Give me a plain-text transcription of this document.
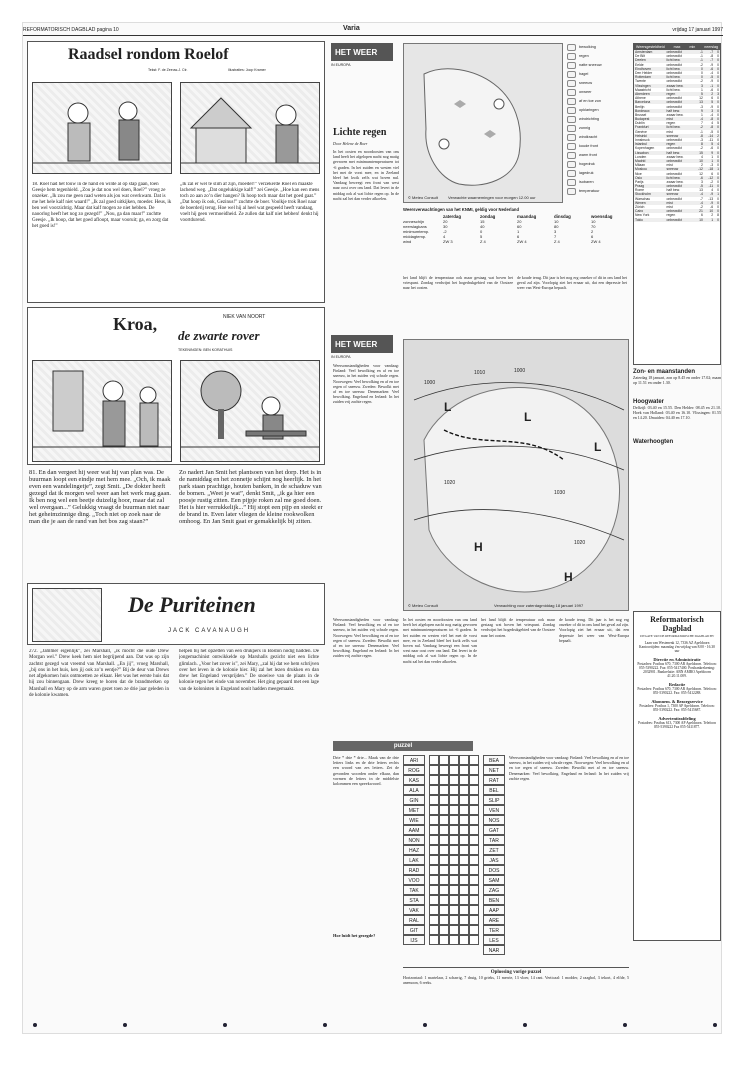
REFORMATORISCH DAGBLAD pagina 10	Varia	vrijdag 17 januari 1997
Raadsel rondom Roelof
Tekst: F. de Zeeuw-J. Ctr.	Illustraties: Joop Kramer
18. Roel had het touw in de hand en wilde al op stap gaan, toen Geesje hem tegenhield. „Zou je dat nou wel doen, Roel?” vroeg ze onzeker. „Ik zou me geen raad weten als jou wat overkwam. Dat is me het hele kalf niet waard!” „Ik zal goed uitkijken, moeder. Heus, ik ben wel voorzichtig. Maar dat kalf mogen ze niet hebben. De naoorlog heeft het nog zo gezegd!” „Nou, ga dan maar!” zuchtte Geesje. „Ik hoop, dat het goed afloopt, maar vooruit; ga, en zorg dat het goed is!”
„Ik zal er wel te slim af zijn, moeder!” verzekerde Roel en maakte lachend weg. „Dat ongelukkige kalf!” zei Geesje. „Hoe kan een mens toch zo aan zo’n dier hangen? Ik hoop toch maar dat het goed gaat.” „Dat hoop ik ook, Gezinus!” zuchtte de boer. Voolkje trok Roel naar de boerderij terug. Hoe wel hij al heel wat gespeeld heeft vandaag, voelt hij geen vermoeidheid. Ze zullen dat kalf niet hebben! denkt hij voortdurend.
Kroa,
de zwarte rover
NIEK VAN NOORT
TEKENINGEN: BEN KORATHUIS
81. En dan vergeet hij weer wat hij van plan was. De buurman loopt een eindje met hem mee. „Och, ik maak even een wandelingetje”, zegt Smit. „De dokter heeft gezegd dat ik morgen wel weer aan het werk mag gaan. Ik ben nog wel een beetje duizelig hoor, maar dat zal wel overgaan...” Gelukkig vraagt de buurman niet naar het geheimzinnige ding. „Toch niet op zoek naar de man die je aan de rand van het bos zag staan?”
Zo nadert Jan Smit het plantsoen van het dorp. Het is in de namiddag en het zonnetje schijnt nog heerlijk. In het park staan prachtige, houten banken, in de schaduw van de bomen. „Weet je wat”, denkt Smit, „ik ga hier een poosje rustig zitten. Een pijpje roken zal me goed doen. Het is hier verrukkelijk...” Hij stopt een pijp en steekt er de brand in. Even later vliegen de kleine rookwolken omhoog. En Jan Smit gaat er gemakkelijk bij zitten.
De Puriteinen
JACK CAVANAUGH
272. „Jammer eigenlijk”, zei Marshall, „ik mocht die oude Drew Morgan wel.” Drew keek hem niet begrijpend aan. Dat was op zijn zachtst gezegd wat vreemd van Marshall. „En jij”, vroeg Marshall, „bij ons in het huis, ken jij ook zo’n eentje?” Bij de deur van Drews net afgekomen huis ontmoetten ze elkaar. Het was het eerste huis dat hij zou binnengaan. Drew kreeg te horen dat de brandmerken op Marshall en Mary op de arm waren gezet toen ze drie jaar geleden in de kolonie kwamen.
helpen bij het opzetten van een drukpers in Boston nodig hadden. De jongemachinist ontwikkelde op Marshalls gezicht niet een lichte glimlach. „Voor het zover is”, zei Mary, „zal hij dat we hem schrijven over het leven in de kolonie hier. Hij zal het lezen drukken en dan drew het Engeland versprijden.” De snoeiwe van de plaats in de kolonie tegen het einde van november. Het ging gepaard met een lage van de kolonisten in Engeland nooit hadden meegemaakt.
HET WEER
IN EUROPA
Lichte regen
Door Helene de Boer
In het oosten en noordoosten van ons land heeft het afgelopen nacht nog matig gevroren met minimumtemperaturen tot -6 graden. In het zuiden en westen viel het met de vorst mee, en in Zeeland bleef het kwik zelfs wat boven nul. Vandaag beweegt een front van west naar oost over ons land. Dat levert in de middag ook al wat lichte regen op. In de nacht zal het dan verder afkoelen.	© Meteo Consult	Verwachte waarnemingen voor morgen 12.00 uur
bewolking
regen
natte sneeuw
hagel
sneeuw
onweer
af en toe zon
opklaringen
windrichting
zonnig
windkracht
koude front
warm front
hogedruk
lagedruk
isobaren
temperatuur
Weersverwachtingen van het KNMI, geldig voor Nederland
zaterdag	zondag	maandag	dinsdag	woensdag
zonneschijn	20	15	20	10	10
neerslagkans	30	40	60	80	70
minimumtemp.	-2	0	1	3	2
middagtemp.	4	5	6	7	6
wind	ZW 3	Z 4	ZW 4	Z 4	ZW 4
het land blijft de temperatuur ook maar gestaag wat boven het vriespunt. Zondag verdwijnt het hogedrukgebied van de Oostzee naar het oosten.
de koude terug. Dit jaar is het nog erg onzeker of dit in ons land het geval zal zijn. Voorlopig ziet het ernaar uit, dat een depressie het weer van West-Europa bepaalt.
Weersgesteldheid max min neerslag
Amsterdam	onbewolkt	-1	-7	0
De Bilt	onbewolkt	-1	-8	0
Deelen	licht bew.	-1	-7	0
Eelde	onbewolkt	-2	-9	0
Eindhoven	licht bew.	0	-6	0
Den Helder	onbewolkt	0	-4	0
Rotterdam	licht bew.	0	-5	0
Twente	onbewolkt	-2	-9	0
Vlissingen	zwaar bew.	3	-1	0
Maastricht	licht bew.	1	-6	0
Aberdeen	regen	5	2	3
Athene	onbewolkt	12	6	0
Barcelona	onbewolkt	13	5	0
Berlijn	onbewolkt	-3	-9	0
Bordeaux	half bew.	9	3	0
Brussel	zwaar bew.	1	-4	0
Budapest	mist	-4	-8	0
Dublin	regen	7	4	5
Frankfurt	licht bew.	-2	-8	0
Genève	mist	-1	-5	0
Helsinki	sneeuw	-8	-14	2
Innsbruck	onbewolkt	-3	-11	0
Istanbul	regen	8	5	4
Kopenhagen	onbewolkt	-2	-6	0
Lissabon	half bew.	15	9	0
Londen	zwaar bew.	4	1	0
Madrid	onbewolkt	10	1	0
Milaan	mist	2	-3	0
Moskou	sneeuw	-12	-18	1
Nice	onbewolkt	12	6	0
Oslo	licht bew.	-6	-12	0
Parijs	zwaar bew.	3	-2	0
Praag	onbewolkt	-5	-11	0
Rome	half bew.	13	4	0
Stockholm	sneeuw	-4	-9	1
Warschau	onbewolkt	-7	-13	0
Wenen	mist	-4	-9	0
Zürich	mist	-2	-6	0
Cairo	onbewolkt	21	10	0
New York	regen	6	2	8
Tokio	onbewolkt	10	1	0
Zon- en maanstanden
Zaterdag 18 januari, zon op 8.45 en onder 17.02; maan op 11.51 en onder 1.30.
Hoogwater
Delfzijl: 03.40 en 15.55. Den Helder: 08.45 en 21.10. Hoek van Holland: 03.40 en 16.10. Vlissingen: 01.55 en 14.20. IJmuiden: 04.40 en 17.10.
Waterhoogten
HET WEER
IN EUROPA
Weersomstandigheden voor vandaag: Finland: Veel bewolking en af en toe sneeuw, in het zuiden vrij schrale regen. Noorwegen: Veel bewolking en af en toe regen of sneeuw. Zweden: Bewolkt met af en toe sneeuw. Denemarken: Veel bewolking. Engeland en Ierland: In het zuiden vrij zachte regen.
1000
1010	1000
1020
1030
1020
L
L
L
H
H
© Meteo Consult	Verwachting voor zaterdagmiddag 18 januari 1997
Weersomstandigheden voor vandaag: Finland: Veel bewolking en af en toe sneeuw, in het zuiden vrij schrale regen. Noorwegen: Veel bewolking en af en toe regen of sneeuw. Zweden: Bewolkt met af en toe sneeuw. Denemarken: Veel bewolking. Engeland en Ierland: In het zuiden vrij zachte regen.
In het oosten en noordoosten van ons land heeft het afgelopen nacht nog matig gevroren met minimumtemperaturen tot -6 graden. In het zuiden en westen viel het met de vorst mee, en in Zeeland bleef het kwik zelfs wat boven nul. Vandaag beweegt een front van west naar oost over ons land. Dat levert in de middag ook al wat lichte regen op. In de nacht zal het dan verder afkoelen.
het land blijft de temperatuur ook maar gestaag wat boven het vriespunt. Zondag verdwijnt het hogedrukgebied van de Oostzee naar het oosten.
de koude terug. Dit jaar is het nog erg onzeker of dit in ons land het geval zal zijn. Voorlopig ziet het ernaar uit, dat een depressie het weer van West-Europa bepaalt.
puzzel
Drie * drie * drie... Maak van de drie letters links en de drie letters rechts een woord van zes letters. Zet de gevonden woorden onder elkaar, dan vormen de letters in de middelste kolommen een spreekwoord.
Hoe luidt het gezegde?
ARI
ROG
KAS
ALA
GIN
MET
WIE
AAM
NON
HAZ
LAK
RAD
VOO
TAK
STA
VAK
RAL
GIT
IJS
BEA
NET
RAT
BEL
SLIP
VEN
NOS
GAT
TAR
ZET
JAS
DOS
SAM
ZAG
BEN
AAP
ARE
TER
LES
NAR
Weersomstandigheden voor vandaag: Finland: Veel bewolking en af en toe sneeuw, in het zuiden vrij schrale regen. Noorwegen: Veel bewolking en af en toe regen of sneeuw. Zweden: Bewolkt met af en toe sneeuw. Denemarken: Veel bewolking. Engeland en Ierland: In het zuiden vrij zachte regen.
Oplossing vorige puzzel
Horizontaal: 1 martelaar, 2 scharrig, 7 druig, 10 grieks, 11 merrie, 13 vloer, 14 rant. Verticaal: 1 modder, 2 raagbol, 3 tekort, 4 elfde, 5 anemoon, 6 reeks.
Reformatorisch Dagblad
UITGAVE VAN DE REFORMATORISCHE DAGBLAD BV
Laan van Westenenk 12, 7336 AZ Apeldoorn
Kantoortijden: maandag t/m vrijdag van 8.00 - 16.30 uur
Directie en Administratie
Postadres: Postbus 670, 7300 AR Apeldoorn. Telefoon: 055-5390222. Fax: 055-5417400. Postbankrekening: 2032901. Bankrelatie: ABN AMRO Apeldoorn 41.20.11.009.
Redactie
Postadres: Postbus 670, 7300 AR Apeldoorn. Telefoon: 055-5390222. Fax: 055-5412288.
Abonnem. & Bezorgservice
Postadres: Postbus 1, 7300 AP Apeldoorn. Telefoon: 055-5390222. Fax: 055-5415687.
Advertentieafdeling
Postadres: Postbus 613, 7300 AP Apeldoorn. Telefoon 055-5390222 Fax 055-5411877.
